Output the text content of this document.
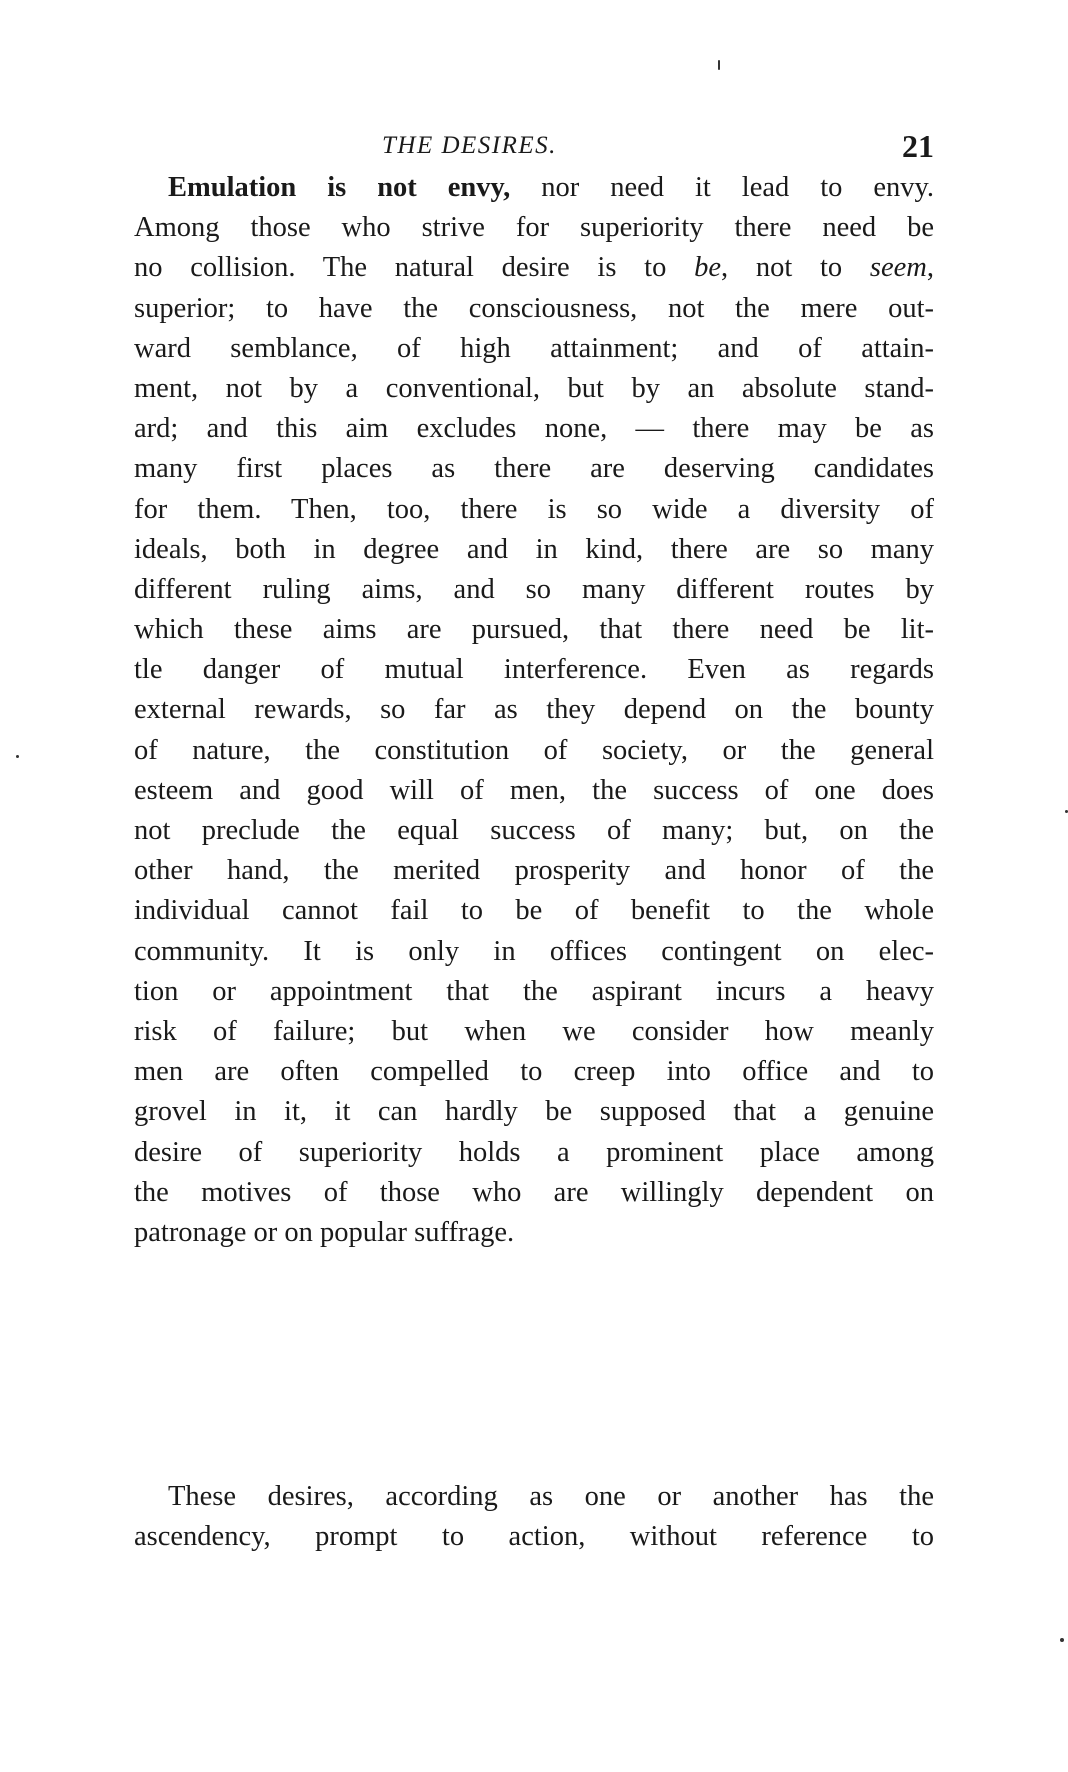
THE DESIRES.	21
Emulation is not envy, nor need it lead to envy.
Among those who strive for superiority there need be
no collision. The natural desire is to be, not to seem,
superior; to have the consciousness, not the mere out-
ward semblance, of high attainment; and of attain-
ment, not by a conventional, but by an absolute stand-
ard; and this aim excludes none, — there may be as
many first places as there are deserving candidates
for them. Then, too, there is so wide a diversity of
ideals, both in degree and in kind, there are so many
different ruling aims, and so many different routes by
which these aims are pursued, that there need be lit-
tle danger of mutual interference. Even as regards
external rewards, so far as they depend on the bounty
of nature, the constitution of society, or the general
esteem and good will of men, the success of one does
not preclude the equal success of many; but, on the
other hand, the merited prosperity and honor of the
individual cannot fail to be of benefit to the whole
community. It is only in offices contingent on elec-
tion or appointment that the aspirant incurs a heavy
risk of failure; but when we consider how meanly
men are often compelled to creep into office and to
grovel in it, it can hardly be supposed that a genuine
desire of superiority holds a prominent place among
the motives of those who are willingly dependent on
patronage or on popular suffrage.
These desires, according as one or another has the
ascendency, prompt to action, without reference to
